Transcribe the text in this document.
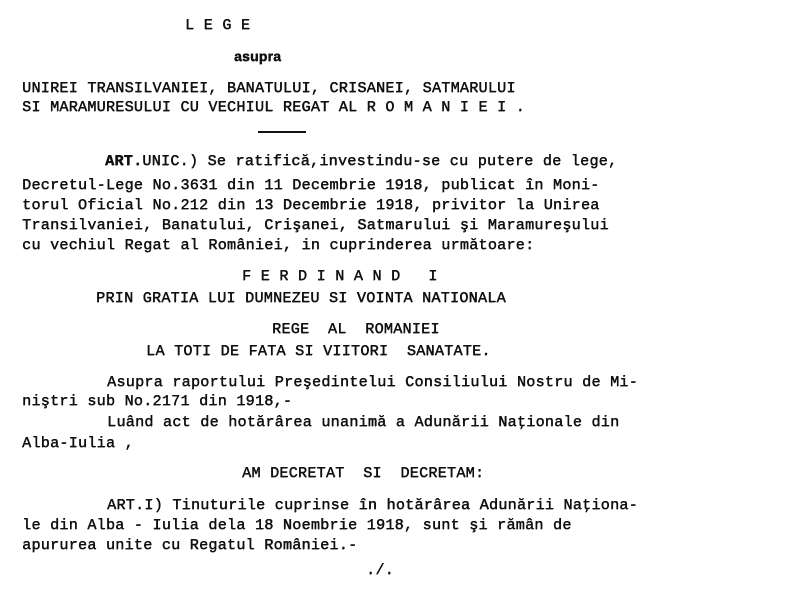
L E G E
asupra
UNIREI TRANSILVANIEI, BANATULUI, CRISANEI, SATMARULUI
SI MARAMURESULUI CU VECHIUL REGAT AL R O M A N I E I .
ART.UNIC.) Se ratifică,investindu-se cu putere de lege,
Decretul-Lege No.3631 din 11 Decembrie 1918, publicat în Moni-
torul Oficial No.212 din 13 Decembrie 1918, privitor la Unirea
Transilvaniei, Banatului, Crişanei, Satmarului şi Maramureşului
cu vechiul Regat al României, in cuprinderea următoare:
F E R D I N A N D   I
PRIN GRATIA LUI DUMNEZEU SI VOINTA NATIONALA
REGE  AL  ROMANIEI
LA TOTI DE FATA SI VIITORI  SANATATE.
Asupra raportului Preşedintelui Consiliului Nostru de Mi-
niştri sub No.2171 din 1918,-
Luând act de hotărârea unanimă a Adunării Naţionale din
Alba-Iulia ,
AM DECRETAT  SI  DECRETAM:
ART.I) Tinuturile cuprinse în hotărârea Adunării Naţiona-
le din Alba - Iulia dela 18 Noembrie 1918, sunt şi rămân de
apururea unite cu Regatul României.-
./.
